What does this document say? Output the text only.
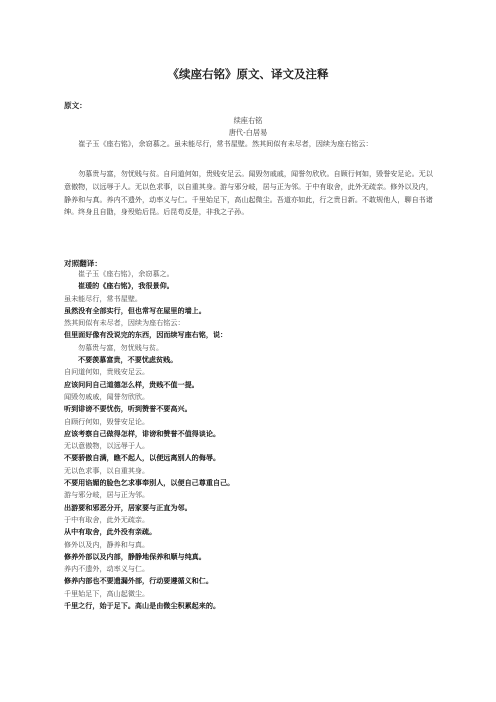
《续座右铭》原文、译文及注释
原文：
续座右铭
唐代-白居易

崔子玉《座右铭》，余窃慕之。虽未能尽行，常书屋壁。然其间似有未尽者，因续为座右铭云：

勿慕贵与富，勿忧贱与贫。自问道何如，贵贱安足云。闻毁勿戚戚，闻誉勿欣欣。自顾行何如，毁誉安足论。无以意傲物，以远辱于人。无以色求事，以自重其身。游与邪分岐，居与正为邻。于中有取舍，此外无疏亲。修外以及内，静养和与真。养内不遗外，动率义与仁。千里始足下，高山起微尘。吾道亦如此，行之贵日新。不敢规他人，聊自书诸绅。终身且自勖，身殁贻后昆。后昆苟反是，非我之子孙。

对照翻译：
崔子玉《座右铭》，余窃慕之。
崔瑗的《座右铭》，我很景仰。
虽未能尽行，常书屋壁。
虽然没有全部实行，但也常写在屋里的墙上。
然其间似有未尽者，因续为座右铭云：
但里面好像有没说完的东西，因而续写座右铭，说：
勿慕贵与富，勿忧贱与贫。
不要羡慕富贵，不要忧虑贫贱。
自问道何如，贵贱安足云。
应该问问自己道德怎么样，贵贱不值一提。
闻毁勿戚戚，闻誉勿欣欣。
听到诽谤不要忧伤，听到赞誉不要高兴。
自顾行何如，毁誉安足论。
应该考察自己做得怎样，诽谤和赞誉不值得谈论。
无以意傲物，以远辱于人。
不要骄傲自满，瞧不起人，以便远离别人的侮辱。
无以色求事，以自重其身。
不要用谄媚的脸色乞求事奉别人，以便自己尊重自己。
游与邪分岐，居与正为邻。
出游要和邪恶分开，居家要与正直为邻。
于中有取舍，此外无疏亲。
从中有取舍，此外没有亲疏。
修外以及内，静养和与真。
修养外部以及内部，静静地保养和顺与纯真。
养内不遗外，动率义与仁。
修养内部也不要遗漏外部，行动要遵循义和仁。
千里始足下，高山起微尘。
千里之行，始于足下。高山是由微尘积累起来的。
